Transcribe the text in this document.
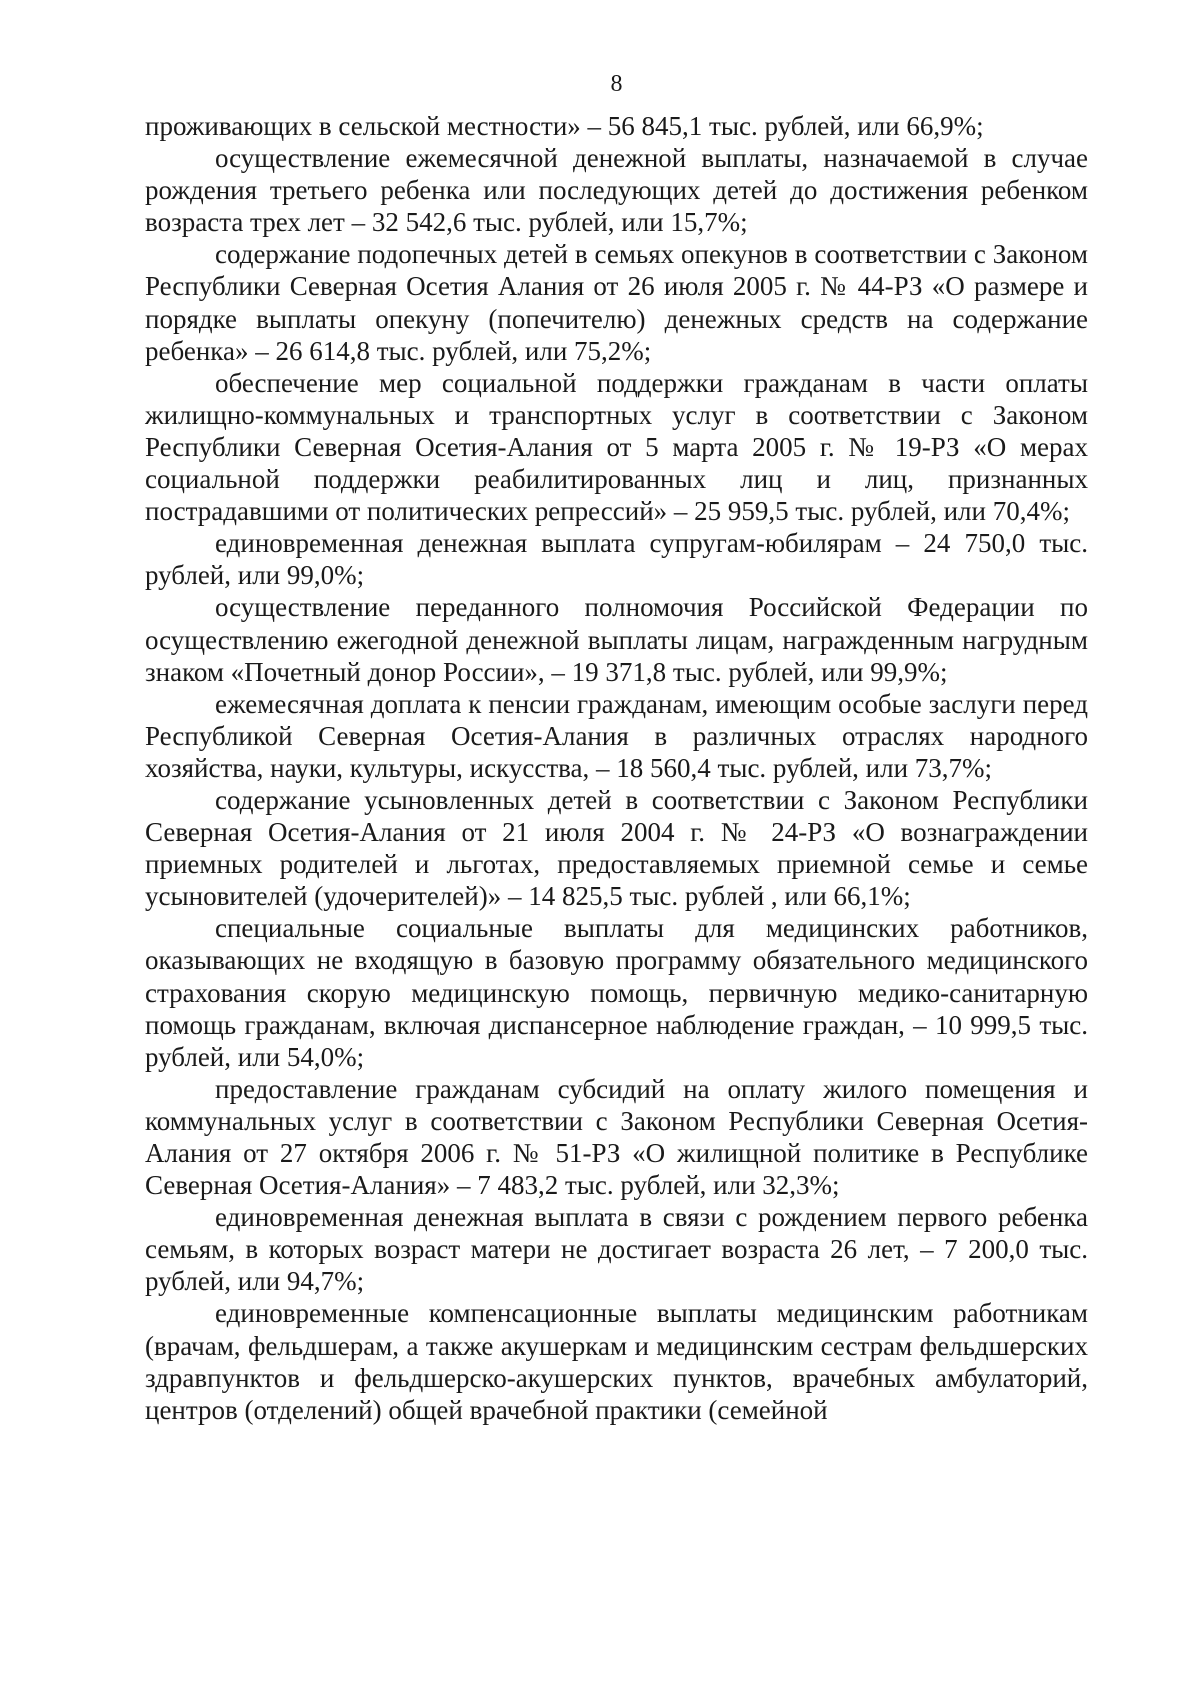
8

проживающих в сельской местности» – 56 845,1 тыс. рублей, или 66,9%;

осуществление ежемесячной денежной выплаты, назначаемой в случае рождения третьего ребенка или последующих детей до достижения ребенком возраста трех лет – 32 542,6 тыс. рублей, или 15,7%;

содержание подопечных детей в семьях опекунов в соответствии с Законом Республики Северная Осетия Алания от 26 июля 2005 г. № 44-РЗ «О размере и порядке выплаты опекуну (попечителю) денежных средств на содержание ребенка» – 26 614,8 тыс. рублей, или 75,2%;

обеспечение мер социальной поддержки гражданам в части оплаты жилищно-коммунальных и транспортных услуг в соответствии с Законом Республики Северная Осетия-Алания от 5 марта 2005 г. № 19-РЗ «О мерах социальной поддержки реабилитированных лиц и лиц, признанных пострадавшими от политических репрессий» – 25 959,5 тыс. рублей, или 70,4%;

единовременная денежная выплата супругам-юбилярам – 24 750,0 тыс. рублей, или 99,0%;

осуществление переданного полномочия Российской Федерации по осуществлению ежегодной денежной выплаты лицам, награжденным нагрудным знаком «Почетный донор России», – 19 371,8 тыс. рублей, или 99,9%;

ежемесячная доплата к пенсии гражданам, имеющим особые заслуги перед Республикой Северная Осетия-Алания в различных отраслях народного хозяйства, науки, культуры, искусства, – 18 560,4 тыс. рублей, или 73,7%;

содержание усыновленных детей в соответствии с Законом Республики Северная Осетия-Алания от 21 июля 2004 г. № 24-РЗ «О вознаграждении приемных родителей и льготах, предоставляемых приемной семье и семье усыновителей (удочерителей)» – 14 825,5 тыс. рублей , или 66,1%;

специальные социальные выплаты для медицинских работников, оказывающих не входящую в базовую программу обязательного медицинского страхования скорую медицинскую помощь, первичную медико-санитарную помощь гражданам, включая диспансерное наблюдение граждан, – 10 999,5 тыс. рублей, или 54,0%;

предоставление гражданам субсидий на оплату жилого помещения и коммунальных услуг в соответствии с Законом Республики Северная Осетия-Алания от 27 октября 2006 г. № 51-РЗ «О жилищной политике в Республике Северная Осетия-Алания» – 7 483,2 тыс. рублей, или 32,3%;

единовременная денежная выплата в связи с рождением первого ребенка семьям, в которых возраст матери не достигает возраста 26 лет, – 7 200,0 тыс. рублей, или 94,7%;

единовременные компенсационные выплаты медицинским работникам (врачам, фельдшерам, а также акушеркам и медицинским сестрам фельдшерских здравпунктов и фельдшерско-акушерских пунктов, врачебных амбулаторий, центров (отделений) общей врачебной практики (семейной
